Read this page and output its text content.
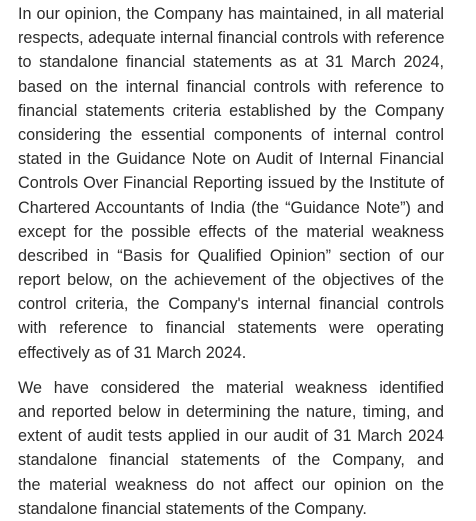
In our opinion, the Company has maintained, in all material
respects, adequate internal financial controls with reference
to standalone financial statements as at 31 March 2024,
based on the internal financial controls with reference to
financial statements criteria established by the Company
considering the essential components of internal control
stated in the Guidance Note on Audit of Internal Financial
Controls Over Financial Reporting issued by the Institute of
Chartered Accountants of India (the “Guidance Note”) and
except for the possible effects of the material weakness
described in “Basis for Qualified Opinion” section of our
report below, on the achievement of the objectives of the
control criteria, the Company's internal financial controls
with reference to financial statements were operating
effectively as of 31 March 2024.
We have considered the material weakness identified
and reported below in determining the nature, timing, and
extent of audit tests applied in our audit of 31 March 2024
standalone financial statements of the Company, and
the material weakness do not affect our opinion on the
standalone financial statements of the Company.
